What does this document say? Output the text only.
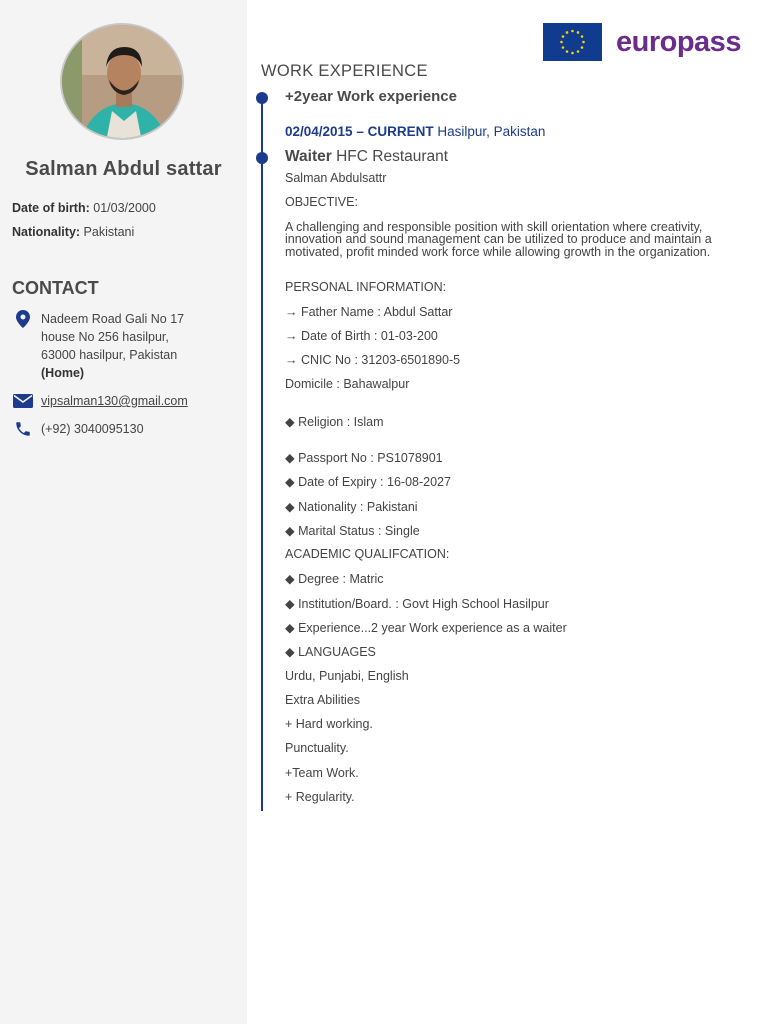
Salman Abdul sattar
Date of birth: 01/03/2000
Nationality: Pakistani
CONTACT
Nadeem Road Gali No 17
house No 256 hasilpur,
63000 hasilpur, Pakistan
(Home)
vipsalman130@gmail.com
(+92) 3040095130
europass
WORK EXPERIENCE
+2year Work experience
02/04/2015 – CURRENT Hasilpur, Pakistan
Waiter HFC Restaurant
Salman Abdulsattr
OBJECTIVE:
A challenging and responsible position with skill orientation where creativity, innovation and sound management can be utilized to produce and maintain a motivated, profit minded work force while allowing growth in the organization.
PERSONAL INFORMATION:
→ Father Name : Abdul Sattar
→ Date of Birth : 01-03-200
→ CNIC No : 31203-6501890-5
Domicile : Bahawalpur
◆ Religion : Islam
◆ Passport No : PS1078901
◆ Date of Expiry : 16-08-2027
◆ Nationality : Pakistani
◆ Marital Status : Single
ACADEMIC QUALIFCATION:
◆ Degree : Matric
◆ Institution/Board. : Govt High School Hasilpur
◆ Experience...2 year Work experience as a waiter
◆ LANGUAGES
Urdu, Punjabi, English
Extra Abilities
+ Hard working.
Punctuality.
+Team Work.
+ Regularity.
